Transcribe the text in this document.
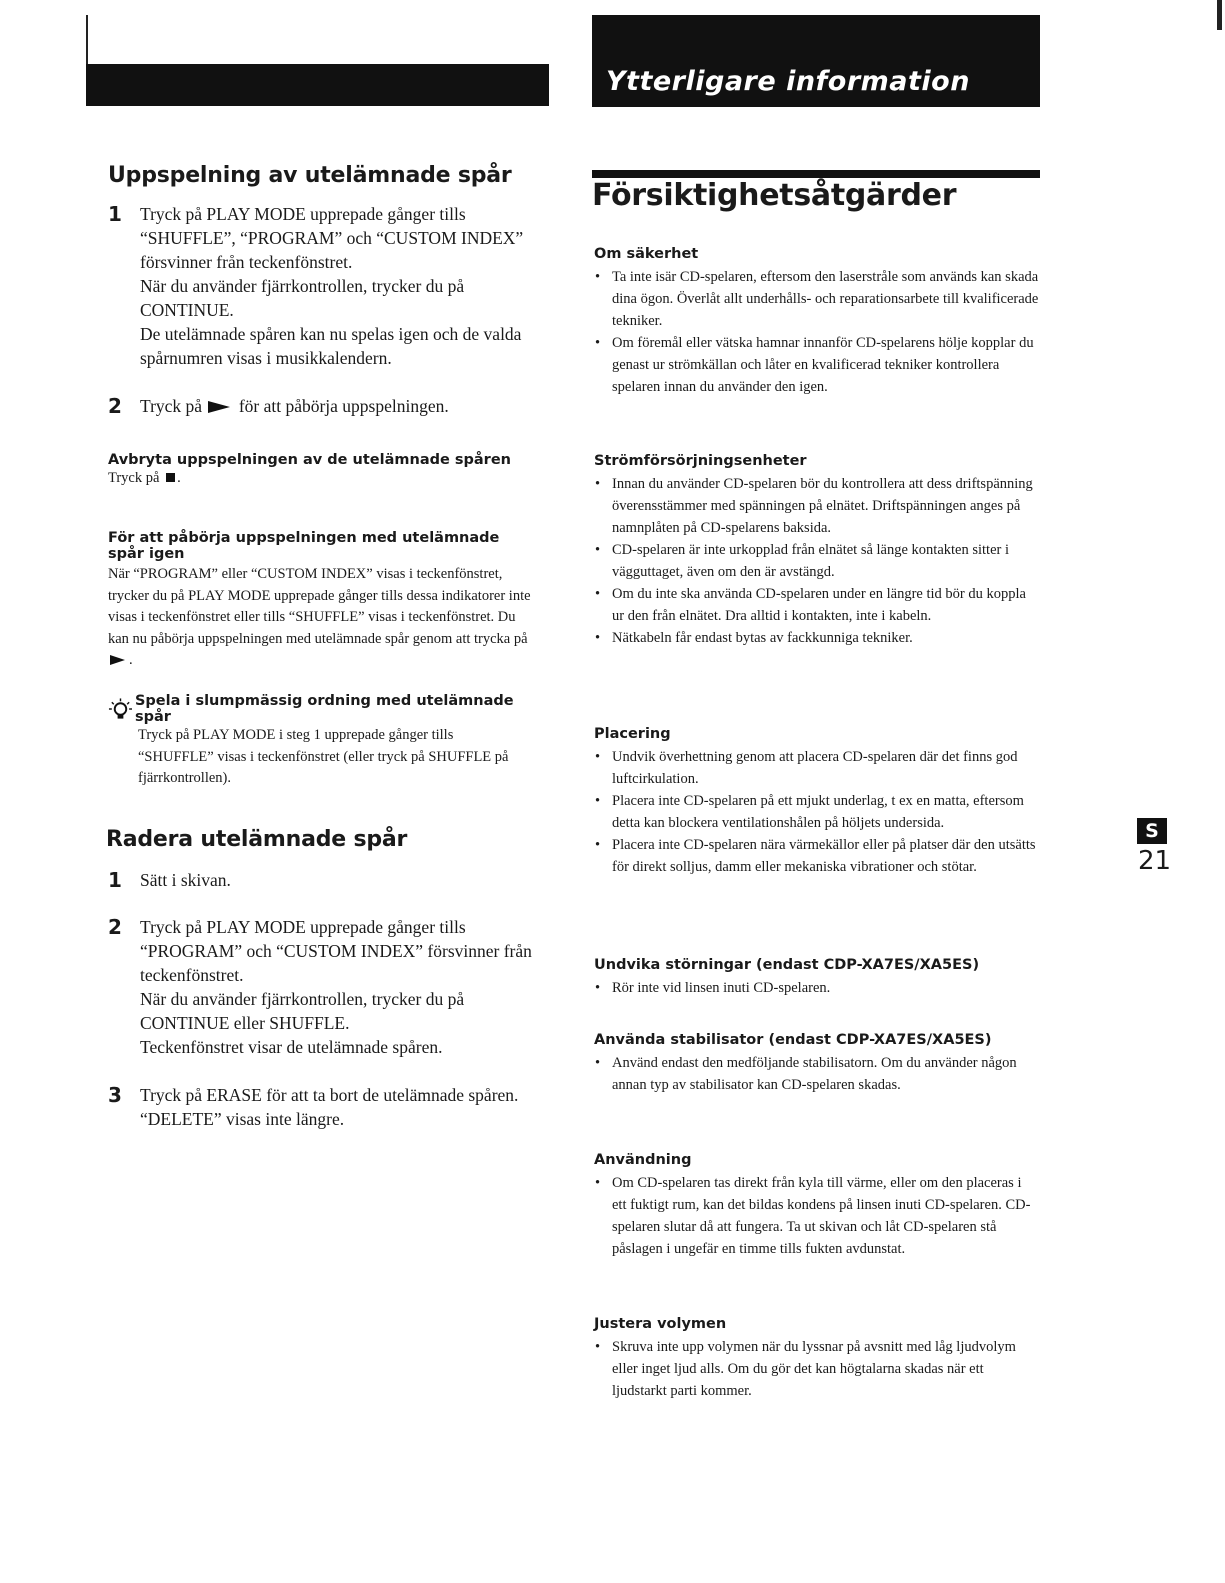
Ytterligare information
Uppspelning av utelämnade spår
1 Tryck på PLAY MODE upprepade gånger tills “SHUFFLE”, “PROGRAM” och “CUSTOM INDEX” försvinner från teckenfönstret.

När du använder fjärrkontrollen, trycker du på CONTINUE.

De utelämnade spåren kan nu spelas igen och de valda spårnumren visas i musikkalendern.

2 Tryck på för att påbörja uppspelningen.
Avbryta uppspelningen av de utelämnade spåren
Tryck på .
För att påbörja uppspelningen med utelämnade spår igen
När “PROGRAM” eller “CUSTOM INDEX” visas i teckenfönstret, trycker du på PLAY MODE upprepade gånger tills dessa indikatorer inte visas i teckenfönstret eller tills “SHUFFLE” visas i teckenfönstret. Du kan nu påbörja uppspelningen med utelämnade spår genom att trycka på .
Spela i slumpmässig ordning med utelämnade spår
Tryck på PLAY MODE i steg 1 upprepade gånger tills “SHUFFLE” visas i teckenfönstret (eller tryck på SHUFFLE på fjärrkontrollen).
Radera utelämnade spår
1 Sätt i skivan.

2 Tryck på PLAY MODE upprepade gånger tills “PROGRAM” och “CUSTOM INDEX” försvinner från teckenfönstret.

När du använder fjärrkontrollen, trycker du på CONTINUE eller SHUFFLE.

Teckenfönstret visar de utelämnade spåren.

3 Tryck på ERASE för att ta bort de utelämnade spåren.

“DELETE” visas inte längre.

Försiktighetsåtgärder
Om säkerhet

• Ta inte isär CD-spelaren, eftersom den laserstråle som används kan skada dina ögon. Överlåt allt underhålls- och reparationsarbete till kvalificerade tekniker.

• Om föremål eller vätska hamnar innanför CD-spelarens hölje kopplar du genast ur strömkällan och låter en kvalificerad tekniker kontrollera spelaren innan du använder den igen.

Strömförsörjningsenheter

• Innan du använder CD-spelaren bör du kontrollera att dess driftspänning överensstämmer med spänningen på elnätet. Driftspänningen anges på namnplåten på CD-spelarens baksida.

• CD-spelaren är inte urkopplad från elnätet så länge kontakten sitter i vägguttaget, även om den är avstängd.

• Om du inte ska använda CD-spelaren under en längre tid bör du koppla ur den från elnätet. Dra alltid i kontakten, inte i kabeln.

• Nätkabeln får endast bytas av fackkunniga tekniker.

Placering

• Undvik överhettning genom att placera CD-spelaren där det finns god luftcirkulation.

• Placera inte CD-spelaren på ett mjukt underlag, t ex en matta, eftersom detta kan blockera ventilationshålen på höljets undersida.

• Placera inte CD-spelaren nära värmekällor eller på platser där den utsätts för direkt solljus, damm eller mekaniska vibrationer och stötar.

Undvika störningar (endast CDP-XA7ES/XA5ES)

• Rör inte vid linsen inuti CD-spelaren.

Använda stabilisator (endast CDP-XA7ES/XA5ES)

• Använd endast den medföljande stabilisatorn. Om du använder någon annan typ av stabilisator kan CD-spelaren skadas.

Användning

• Om CD-spelaren tas direkt från kyla till värme, eller om den placeras i ett fuktigt rum, kan det bildas kondens på linsen inuti CD-spelaren. CD-spelaren slutar då att fungera. Ta ut skivan och låt CD-spelaren stå påslagen i ungefär en timme tills fukten avdunstat.

Justera volymen

• Skruva inte upp volymen när du lyssnar på avsnitt med låg ljudvolym eller inget ljud alls. Om du gör det kan högtalarna skadas när ett ljudstarkt parti kommer.

S
21
